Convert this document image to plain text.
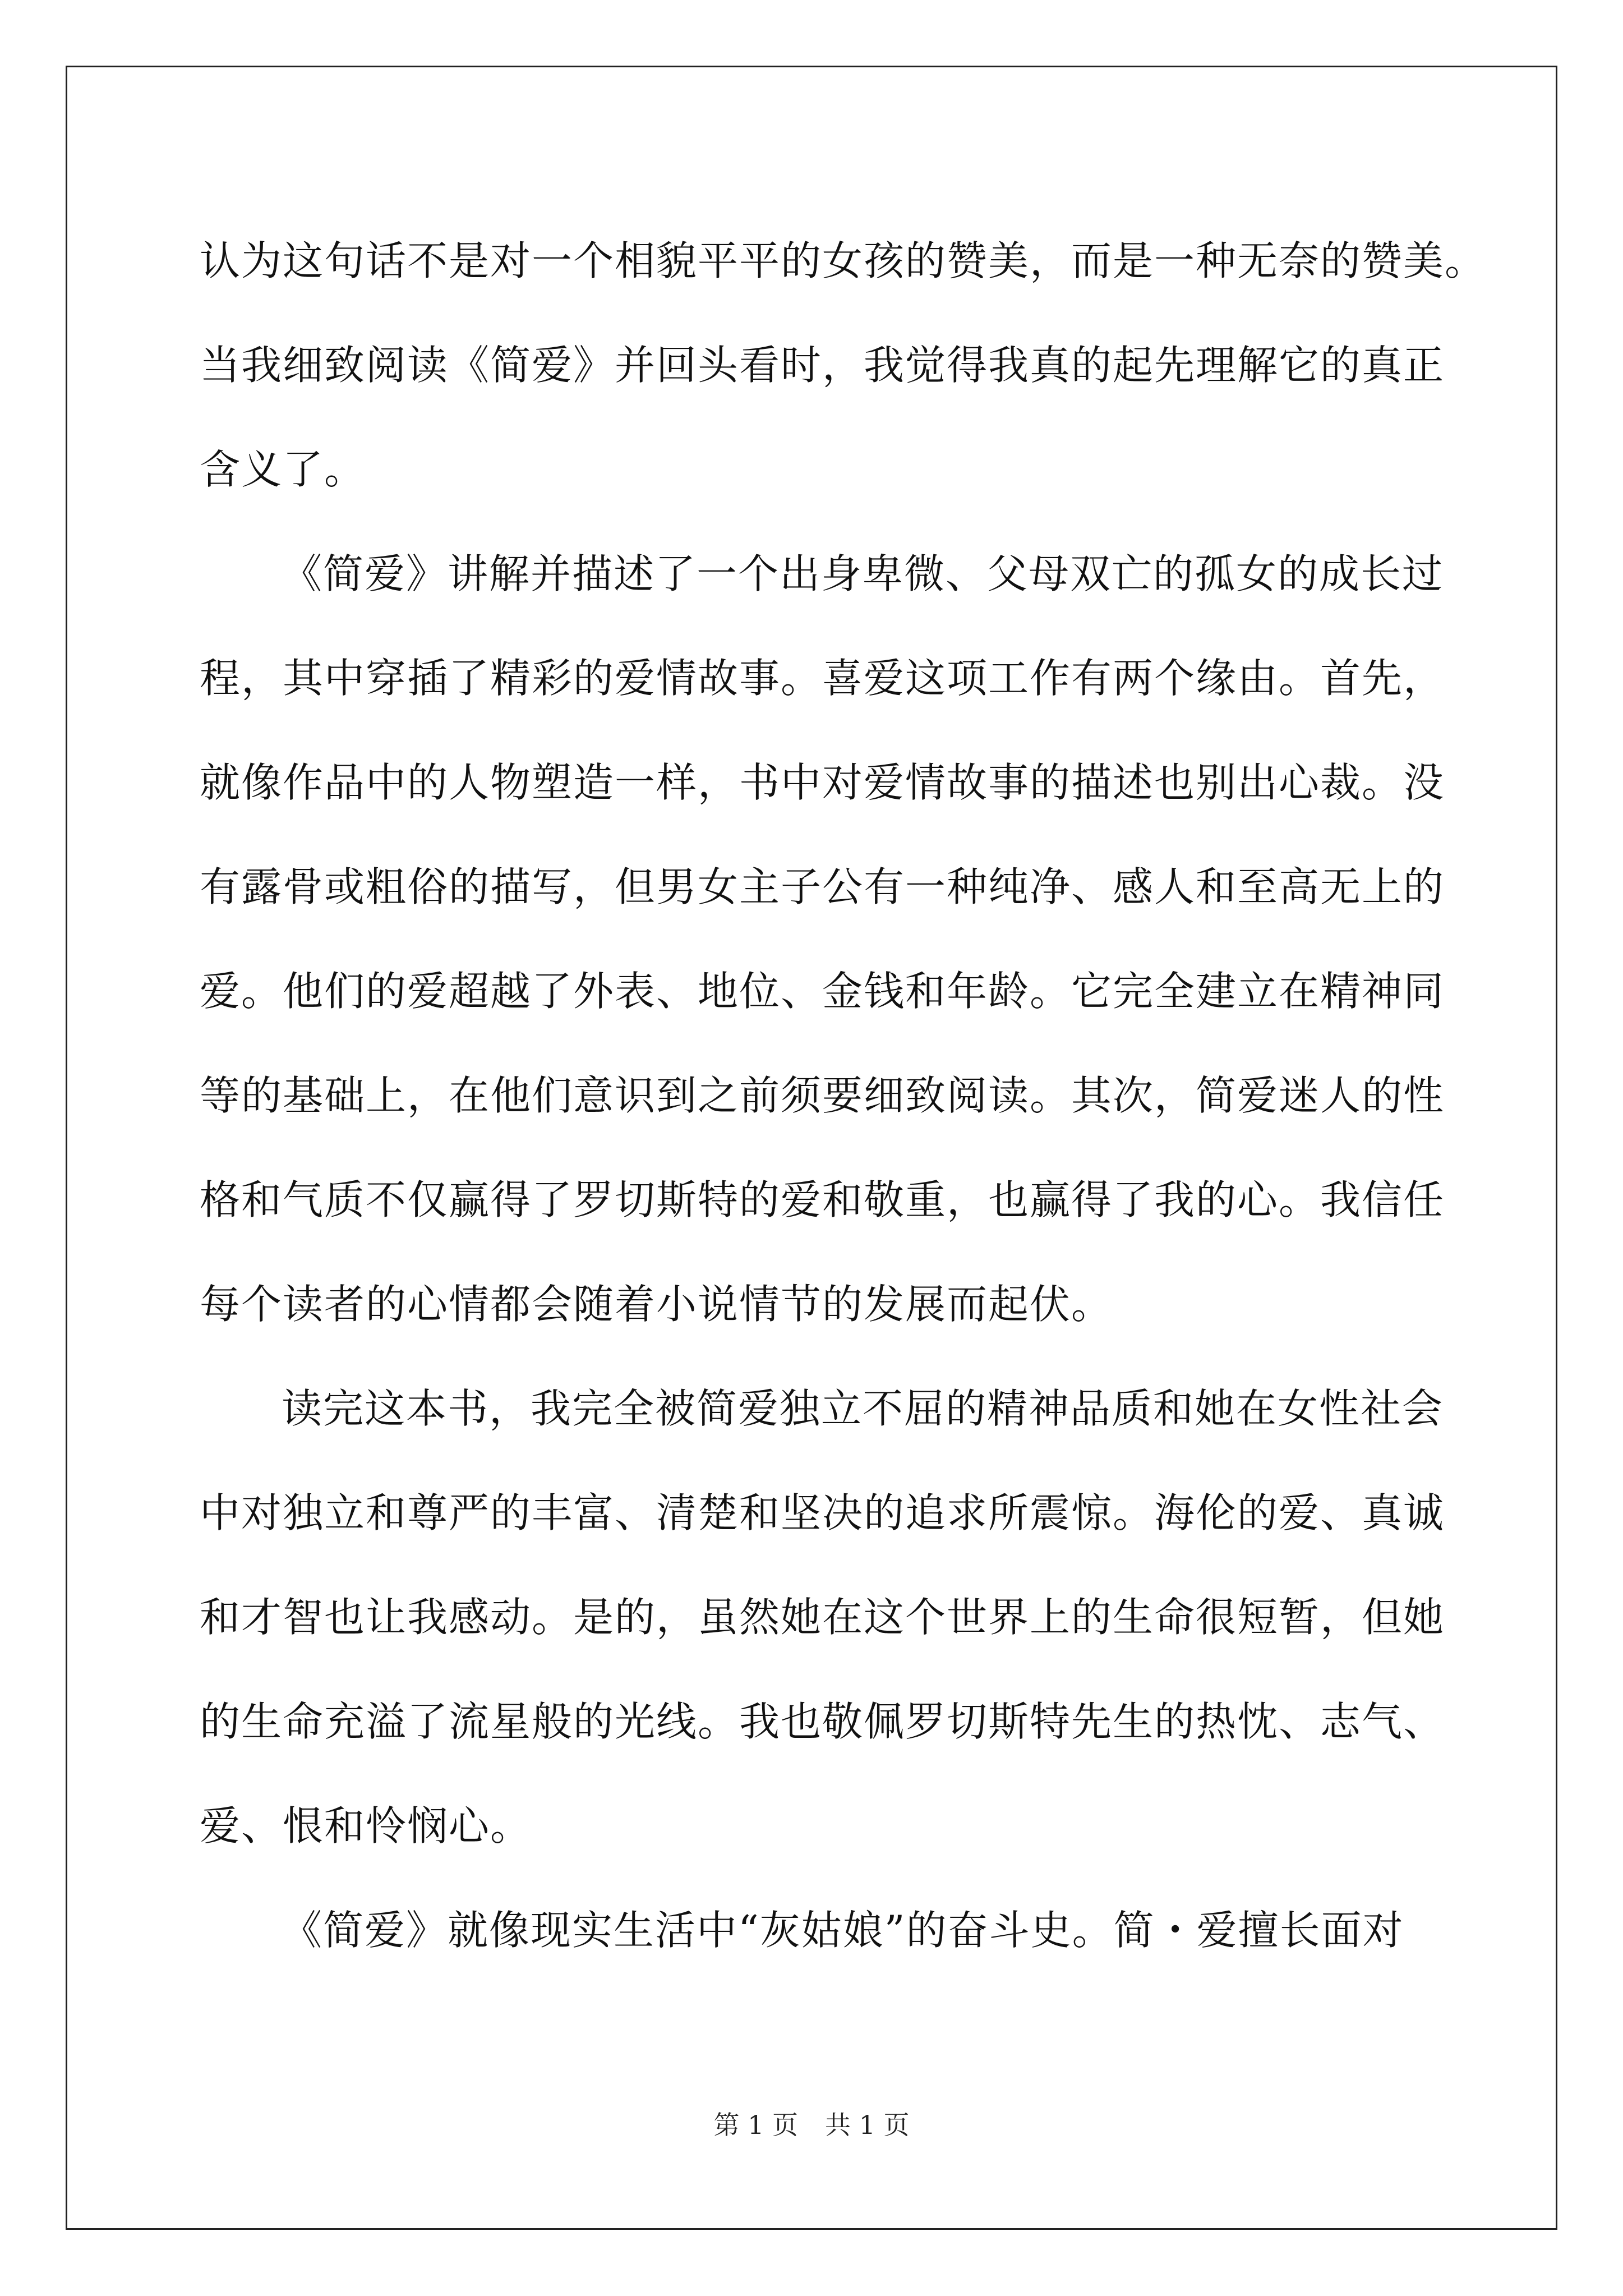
认为这句话不是对一个相貌平平的女孩的赞美，而是一种无奈的赞美。
当我细致阅读《简爱》并回头看时，我觉得我真的起先理解它的真正
含义了。
《简爱》讲解并描述了一个出身卑微、父母双亡的孤女的成长过
程，其中穿插了精彩的爱情故事。喜爱这项工作有两个缘由。首先，
就像作品中的人物塑造一样，书中对爱情故事的描述也别出心裁。没
有露骨或粗俗的描写，但男女主子公有一种纯净、感人和至高无上的
爱。他们的爱超越了外表、地位、金钱和年龄。它完全建立在精神同
等的基础上，在他们意识到之前须要细致阅读。其次，简爱迷人的性
格和气质不仅赢得了罗切斯特的爱和敬重，也赢得了我的心。我信任
每个读者的心情都会随着小说情节的发展而起伏。
读完这本书，我完全被简爱独立不屈的精神品质和她在女性社会
中对独立和尊严的丰富、清楚和坚决的追求所震惊。海伦的爱、真诚
和才智也让我感动。是的，虽然她在这个世界上的生命很短暂，但她
的生命充溢了流星般的光线。我也敬佩罗切斯特先生的热忱、志气、
爱、恨和怜悯心。
《简爱》就像现实生活中“灰姑娘”的奋斗史。简・爱擅长面对
第 1 页 共 1 页
